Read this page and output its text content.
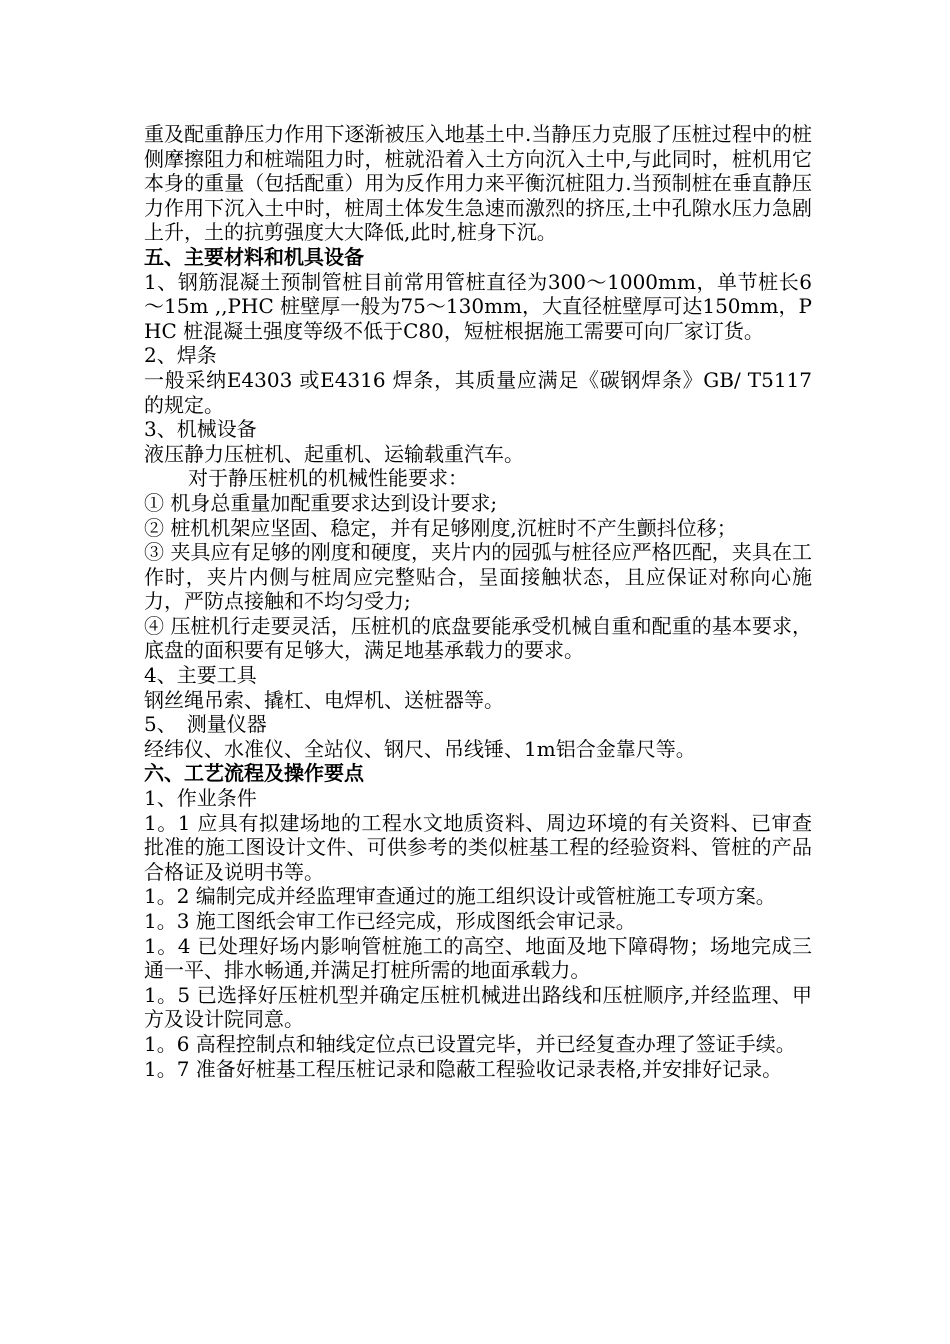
重及配重静压力作用下逐渐被压入地基土中.当静压力克服了压桩过程中的桩侧摩擦阻力和桩端阻力时，桩就沿着入土方向沉入土中,与此同时，桩机用它本身的重量（包括配重）用为反作用力来平衡沉桩阻力.当预制桩在垂直静压力作用下沉入土中时，桩周土体发生急速而激烈的挤压,土中孔隙水压力急剧上升，土的抗剪强度大大降低,此时,桩身下沉。

五、主要材料和机具设备

1、钢筋混凝土预制管桩目前常用管桩直径为300～1000mm，单节桩长6～15m ,,PHC 桩壁厚一般为75～130mm，大直径桩壁厚可达150mm，PHC 桩混凝土强度等级不低于C80，短桩根据施工需要可向厂家订货。

2、焊条

一般采纳E4303 或E4316 焊条，其质量应满足《碳钢焊条》GB/ T5117 的规定。

3、机械设备

液压静力压桩机、起重机、运输载重汽车。

对于静压桩机的机械性能要求：

① 机身总重量加配重要求达到设计要求;

② 桩机机架应坚固、稳定，并有足够刚度,沉桩时不产生颤抖位移；

③ 夹具应有足够的刚度和硬度，夹片内的园弧与桩径应严格匹配，夹具在工作时，夹片内侧与桩周应完整贴合，呈面接触状态，且应保证对称向心施力，严防点接触和不均匀受力;

④ 压桩机行走要灵活，压桩机的底盘要能承受机械自重和配重的基本要求，底盘的面积要有足够大，满足地基承载力的要求。

4、主要工具

钢丝绳吊索、撬杠、电焊机、送桩器等。

5、　测量仪器

经纬仪、水准仪、全站仪、钢尺、吊线锤、1m铝合金靠尺等。

六、工艺流程及操作要点

1、作业条件

1。1 应具有拟建场地的工程水文地质资料、周边环境的有关资料、已审查批准的施工图设计文件、可供参考的类似桩基工程的经验资料、管桩的产品合格证及说明书等。

1。2 编制完成并经监理审查通过的施工组织设计或管桩施工专项方案。

1。3 施工图纸会审工作已经完成，形成图纸会审记录。

1。4 已处理好场内影响管桩施工的高空、地面及地下障碍物；场地完成三通一平、排水畅通,并满足打桩所需的地面承载力。

1。5 已选择好压桩机型并确定压桩机械进出路线和压桩顺序,并经监理、甲方及设计院同意。

1。6 高程控制点和轴线定位点已设置完毕，并已经复查办理了签证手续。

1。7 准备好桩基工程压桩记录和隐蔽工程验收记录表格,并安排好记录。
